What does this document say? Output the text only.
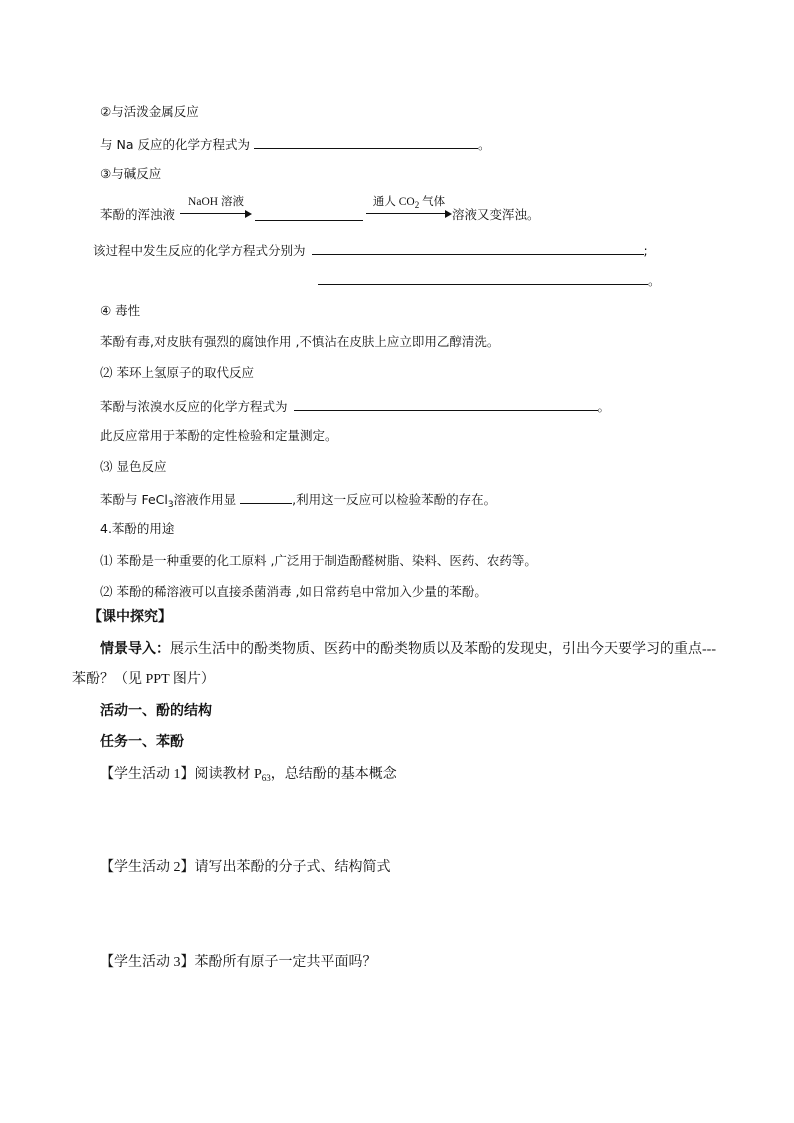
②与活泼金属反应
与 Na 反应的化学方程式为	。
③与碱反应
苯酚的浑浊液
NaOH 溶液	通人 $CO_2$ 气体
溶液又变浑浊。
该过程中发生反应的化学方程式分别为	;
。
④ 毒性
苯酚有毒,对皮肤有强烈的腐蚀作用 ,不慎沾在皮肤上应立即用乙醇清洗。
⑵ 苯环上氢原子的取代反应
苯酚与浓溴水反应的化学方程式为	。
此反应常用于苯酚的定性检验和定量测定。
⑶ 显色反应
苯酚与 FeCl$_3$溶液作用显	,利用这一反应可以检验苯酚的存在。
4.苯酚的用途
⑴ 苯酚是一种重要的化工原料 ,广泛用于制造酚醛树脂、染料、医药、农药等。
⑵ 苯酚的稀溶液可以直接杀菌消毒 ,如日常药皂中常加入少量的苯酚。
【课中探究】
情景导入：展示生活中的酚类物质、医药中的酚类物质以及苯酚的发现史，引出今天要学习的重点---
苯酚？（见 PPT 图片）
活动一、酚的结构
任务一、苯酚
【学生活动 1】阅读教材 $P_{63}$，总结酚的基本概念
【学生活动 2】请写出苯酚的分子式、结构简式
【学生活动 3】苯酚所有原子一定共平面吗？
